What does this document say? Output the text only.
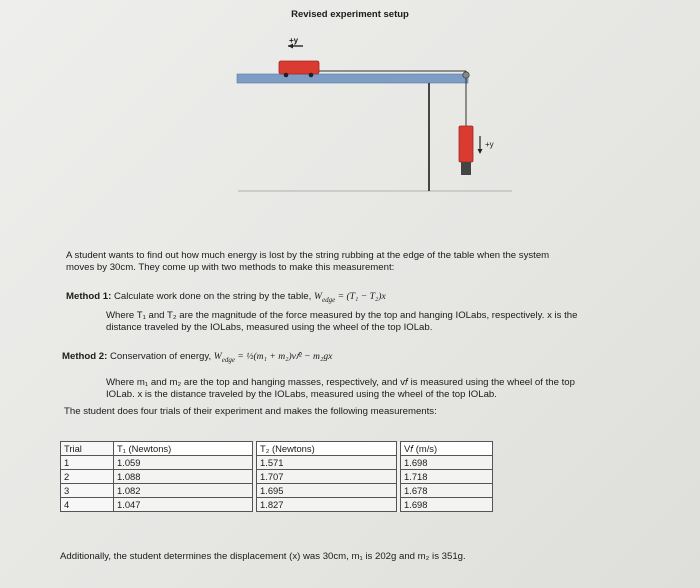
Revised experiment setup
+y
+y
A student wants to find out how much energy is lost by the string rubbing at the edge of the table when the system
moves by 30cm. They come up with two methods to make this measurement:
Method 1: Calculate work done on the string by the table, $W_{edge} = (T_1 - T_2)x$
Where T₁ and T₂ are the magnitude of the force measured by the top and hanging IOLabs, respectively. x is the
distance traveled by the IOLabs, measured using the wheel of the top IOLab.
Method 2: Conservation of energy, $W_{edge}$ = ½(m₁ + m₂)v𝑓² − m₂gx
Where m₁ and m₂ are the top and hanging masses, respectively, and v𝑓 is measured using the wheel of the top
IOLab. x is the distance traveled by the IOLabs, measured using the wheel of the top IOLab.
The student does four trials of their experiment and makes the following measurements:
Trial	T₁ (Newtons)		T₂ (Newtons)		V𝑓 (m/s)
1	1.059		1.571		1.698
2	1.088		1.707		1.718
3	1.082		1.695		1.678
4	1.047		1.827		1.698
Additionally, the student determines the displacement (x) was 30cm, m₁ is 202g and m₂ is 351g.
